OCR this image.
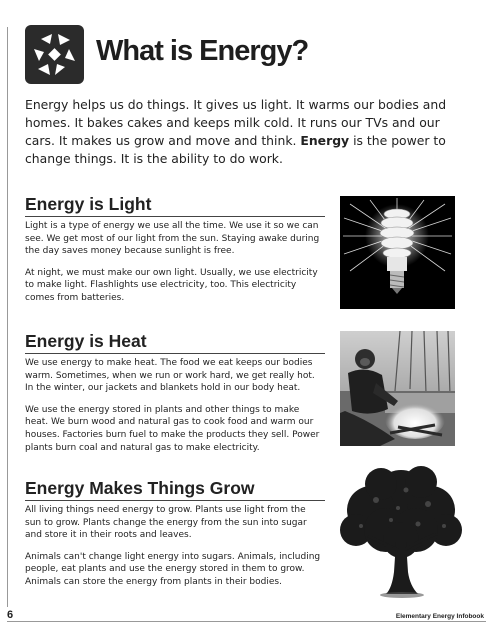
What is Energy?

Energy helps us do things. It gives us light. It warms our bodies and homes. It bakes cakes and keeps milk cold. It runs our TVs and our cars. It makes us grow and move and think. Energy is the power to change things. It is the ability to do work.

Energy is Light

Light is a type of energy we use all the time. We use it so we can see. We get most of our light from the sun. Staying awake during the day saves money because sunlight is free.

At night, we must make our own light. Usually, we use electricity to make light. Flashlights use electricity, too. This electricity comes from batteries.

Energy is Heat

We use energy to make heat. The food we eat keeps our bodies warm. Sometimes, when we run or work hard, we get really hot. In the winter, our jackets and blankets hold in our body heat.

We use the energy stored in plants and other things to make heat. We burn wood and natural gas to cook food and warm our houses. Factories burn fuel to make the products they sell. Power plants burn coal and natural gas to make electricity.

Energy Makes Things Grow

All living things need energy to grow. Plants use light from the sun to grow. Plants change the energy from the sun into sugar and store it in their roots and leaves.

Animals can't change light energy into sugars. Animals, including people, eat plants and use the energy stored in them to grow. Animals can store the energy from plants in their bodies.

6	Elementary Energy Infobook
